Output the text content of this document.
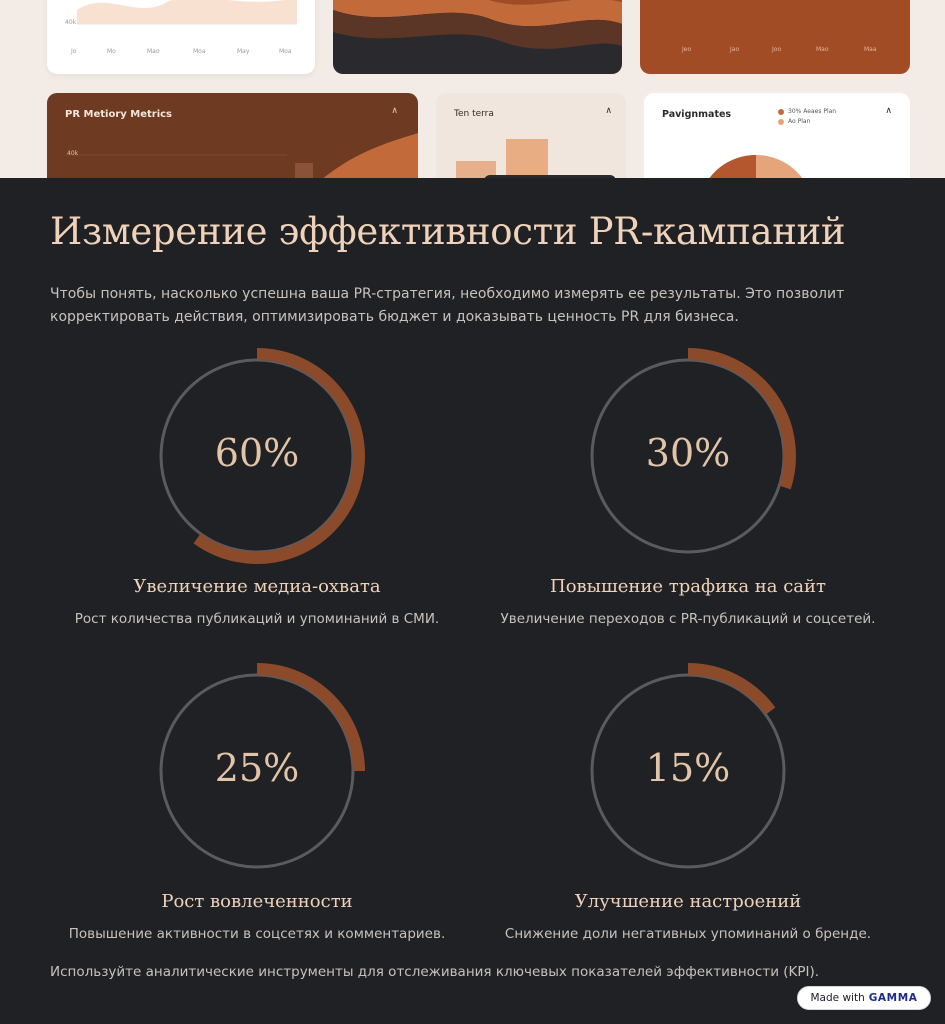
40k
Jo	Mo	Mao	Moa	May	Moa	Jeo	Jao	Joo	Mao	Maa
PR Metiory Metrics	∧
40k
Ten terra	∧	Pavignmates	∧
30% Aeaes Plan
Ao Plan
Измерение эффективности PR-кампаний

Чтобы понять, насколько успешна ваша PR-стратегия, необходимо измерять ее результаты. Это позволит корректировать действия, оптимизировать бюджет и доказывать ценность PR для бизнеса.

60%
Увеличение медиа-охвата
Рост количества публикаций и упоминаний в СМИ.
30%
Повышение трафика на сайт
Увеличение переходов с PR-публикаций и соцсетей.
25%
Рост вовлеченности
Повышение активности в соцсетях и комментариев.
15%
Улучшение настроений
Снижение доли негативных упоминаний о бренде.

Используйте аналитические инструменты для отслеживания ключевых показателей эффективности (KPI).

Made with GAMMA
